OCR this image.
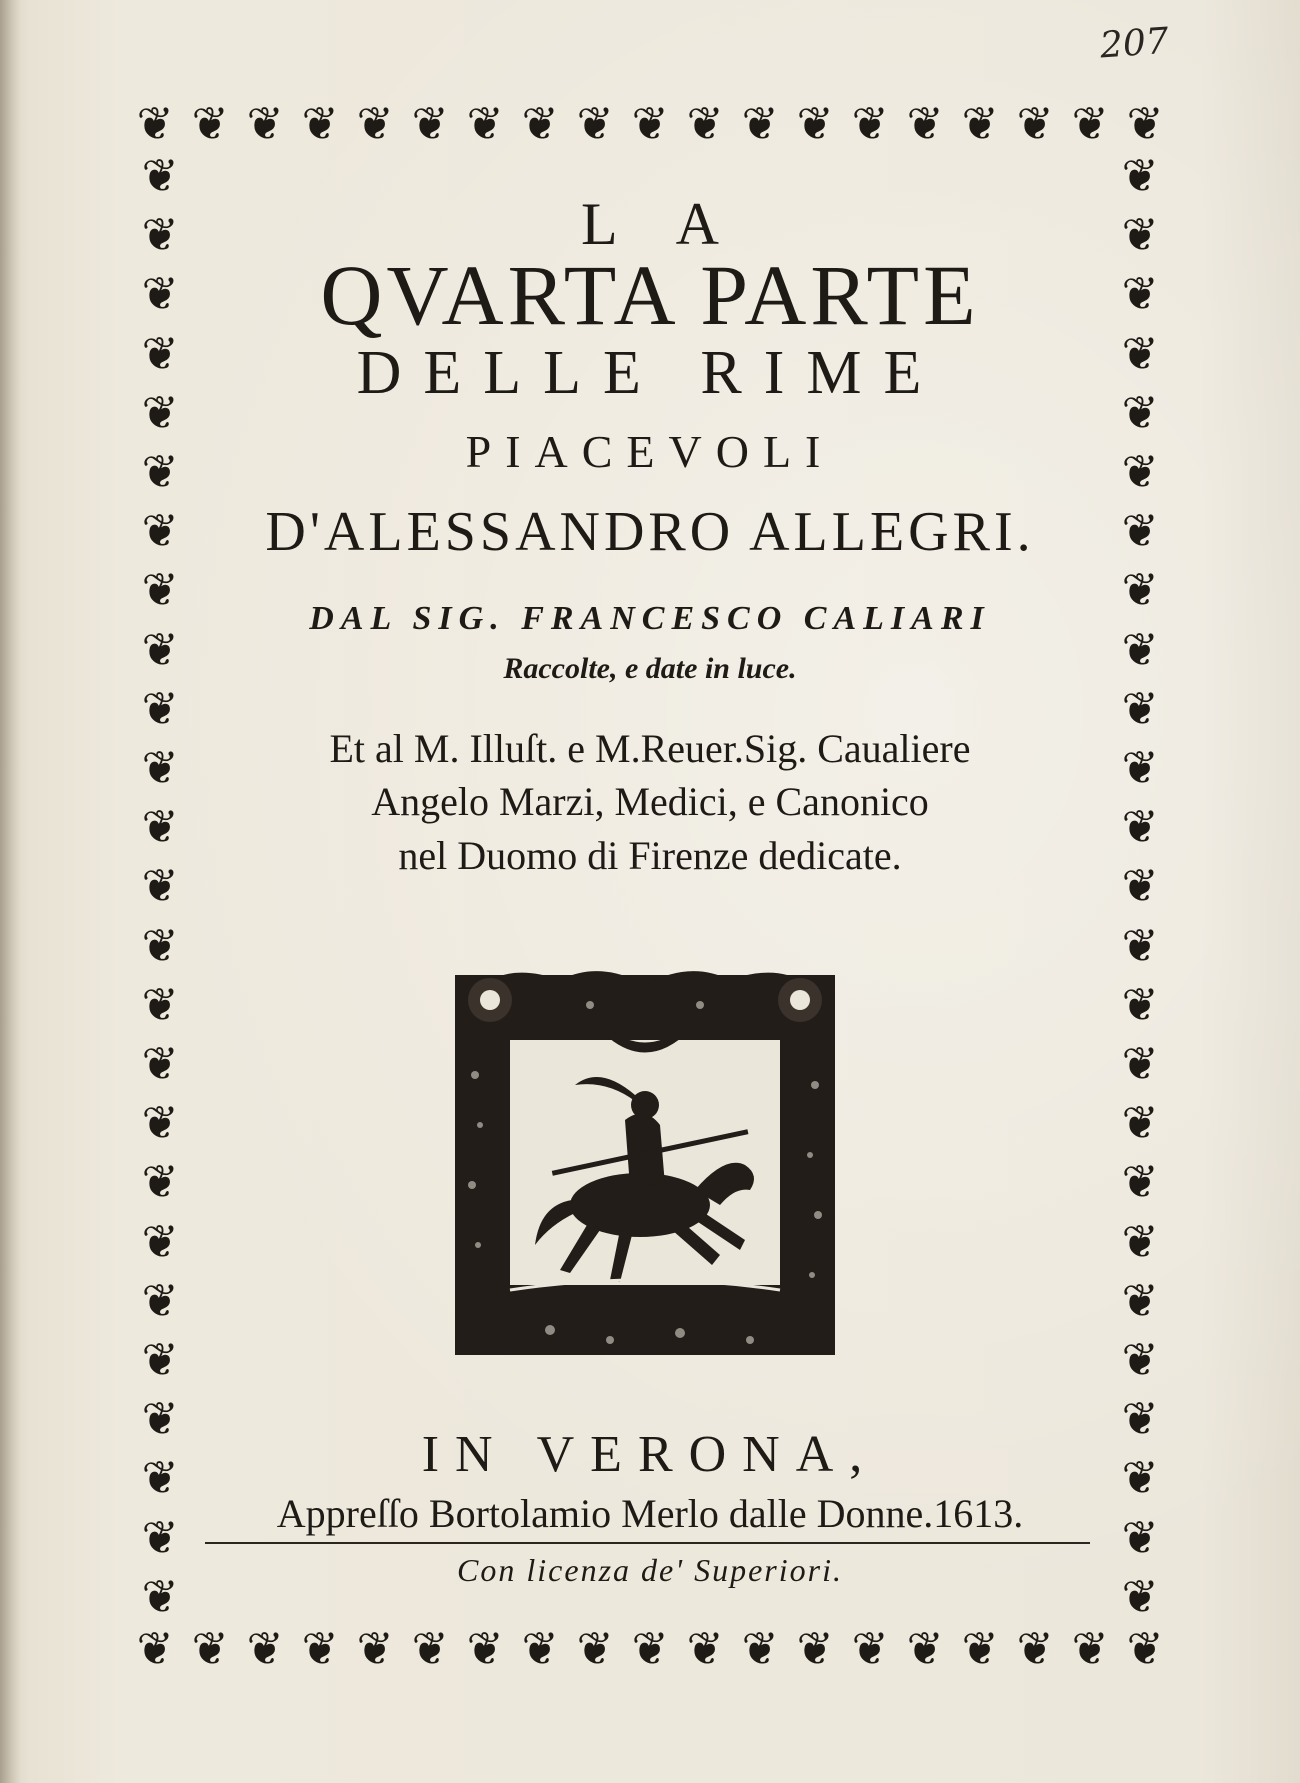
207
❦ ❦ ❦ ❦ ❦ ❦ ❦ ❦ ❦ ❦ ❦ ❦ ❦ ❦ ❦ ❦ ❦ ❦ ❦
❦ ❦ ❦ ❦ ❦ ❦ ❦ ❦ ❦ ❦ ❦ ❦ ❦ ❦ ❦ ❦ ❦ ❦ ❦
❦
❦
❦
❦
❦
❦
❦
❦
❦
❦
❦
❦
❦
❦
❦
❦
❦
❦
❦
❦
❦
❦
❦
❦
❦
❦
❦
❦
❦
❦
❦
❦
❦
❦
❦
❦
❦
❦
❦
❦
❦
❦
❦
❦
❦
❦
❦
❦
❦
❦
LA
QVARTA PARTE
DELLE RIME
PIACEVOLI
D'ALESSANDRO ALLEGRI.
DAL SIG. FRANCESCO CALIARI
Raccolte, e date in luce.
Et al M. Illuſt. e M.Reuer.Sig. Caualiere
Angelo Marzi, Medici, e Canonico
nel Duomo di Firenze dedicate.
IN VERONA,
Appreſſo Bortolamio Merlo dalle Donne.1613.
Con licenza de' Superiori.
